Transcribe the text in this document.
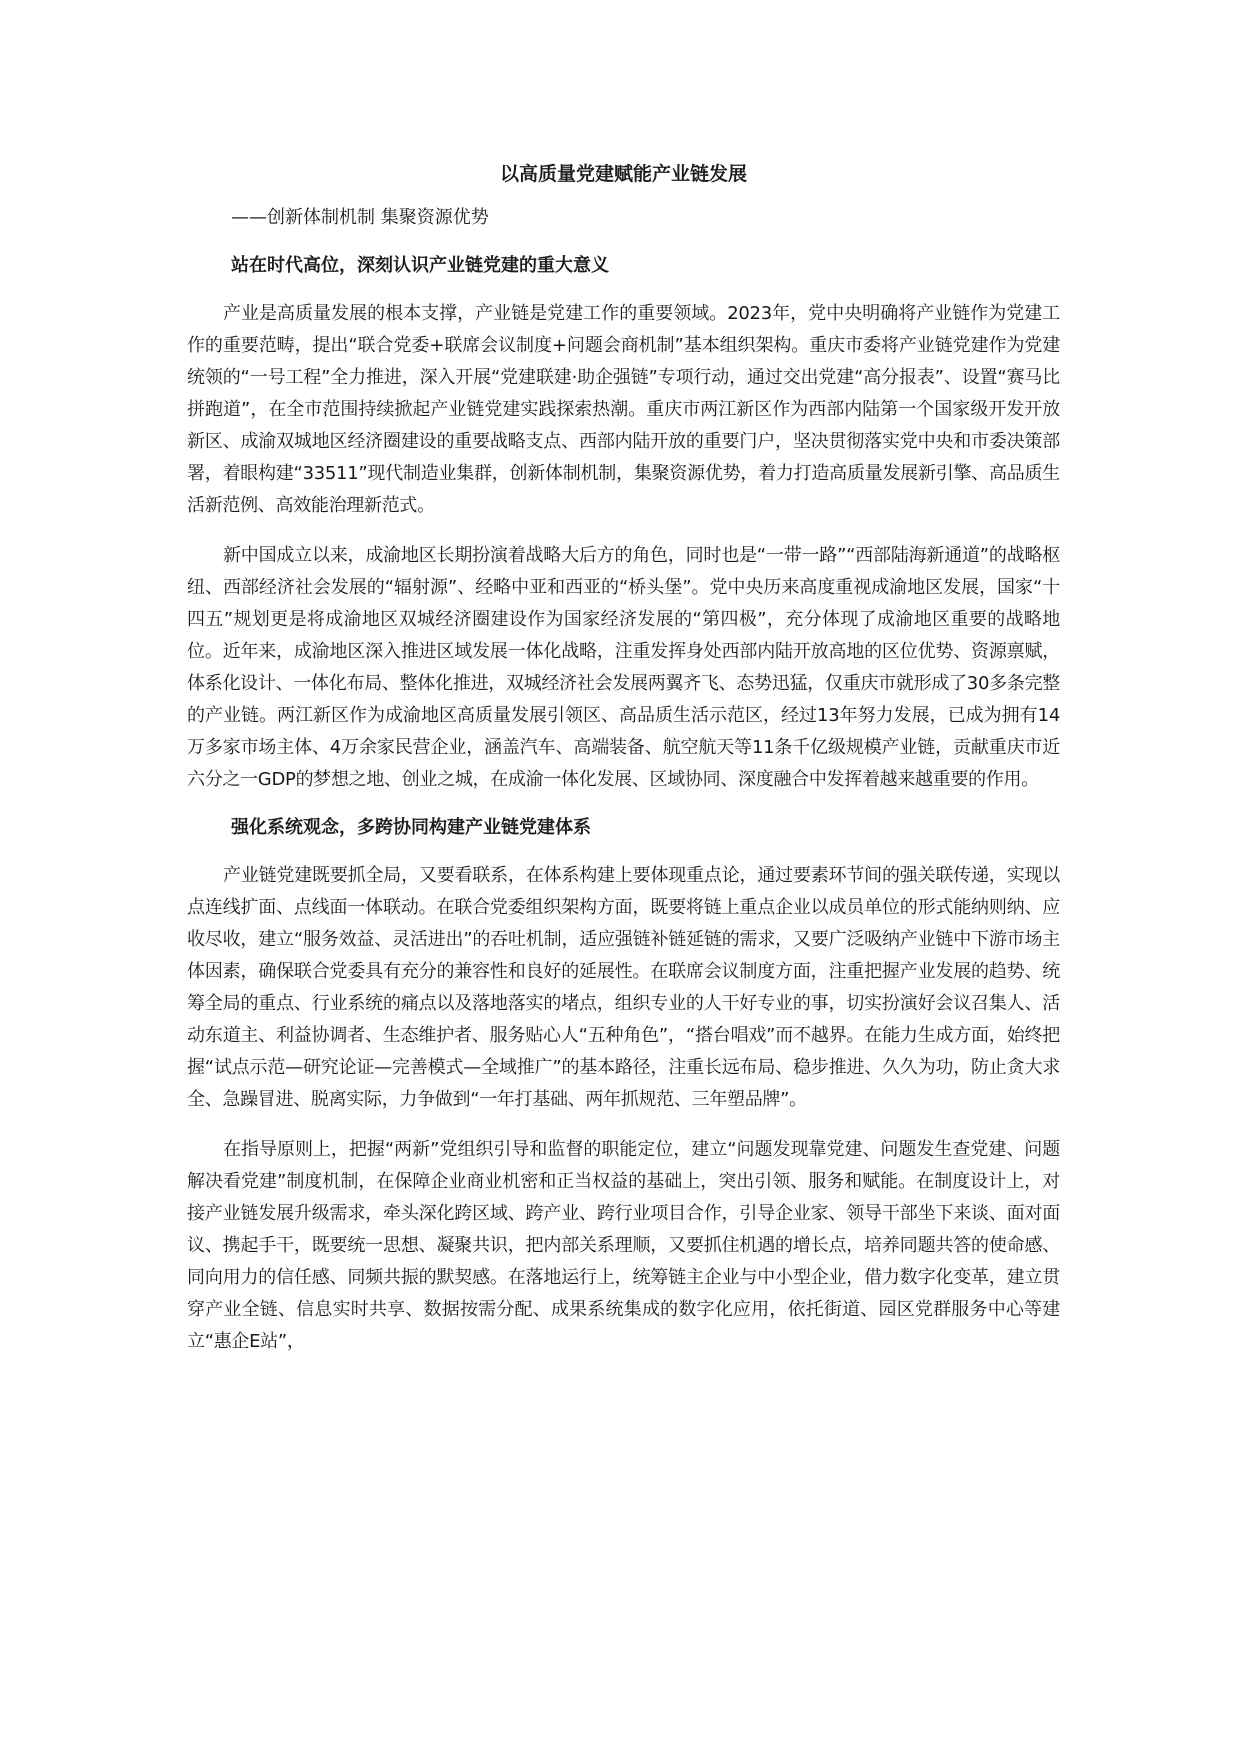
以高质量党建赋能产业链发展
——创新体制机制 集聚资源优势
站在时代高位，深刻认识产业链党建的重大意义

产业是高质量发展的根本支撑，产业链是党建工作的重要领域。2023年，党中央明确将产业链作为党建工作的重要范畴，提出“联合党委+联席会议制度+问题会商机制”基本组织架构。重庆市委将产业链党建作为党建统领的“一号工程”全力推进，深入开展“党建联建·助企强链”专项行动，通过交出党建“高分报表”、设置“赛马比拼跑道”，在全市范围持续掀起产业链党建实践探索热潮。重庆市两江新区作为西部内陆第一个国家级开发开放新区、成渝双城地区经济圈建设的重要战略支点、西部内陆开放的重要门户，坚决贯彻落实党中央和市委决策部署，着眼构建“33511”现代制造业集群，创新体制机制，集聚资源优势，着力打造高质量发展新引擎、高品质生活新范例、高效能治理新范式。

新中国成立以来，成渝地区长期扮演着战略大后方的角色，同时也是“一带一路”“西部陆海新通道”的战略枢纽、西部经济社会发展的“辐射源”、经略中亚和西亚的“桥头堡”。党中央历来高度重视成渝地区发展，国家“十四五”规划更是将成渝地区双城经济圈建设作为国家经济发展的“第四极”，充分体现了成渝地区重要的战略地位。近年来，成渝地区深入推进区域发展一体化战略，注重发挥身处西部内陆开放高地的区位优势、资源禀赋，体系化设计、一体化布局、整体化推进，双城经济社会发展两翼齐飞、态势迅猛，仅重庆市就形成了30多条完整的产业链。两江新区作为成渝地区高质量发展引领区、高品质生活示范区，经过13年努力发展，已成为拥有14万多家市场主体、4万余家民营企业，涵盖汽车、高端装备、航空航天等11条千亿级规模产业链，贡献重庆市近六分之一GDP的梦想之地、创业之城，在成渝一体化发展、区域协同、深度融合中发挥着越来越重要的作用。

强化系统观念，多跨协同构建产业链党建体系

产业链党建既要抓全局，又要看联系，在体系构建上要体现重点论，通过要素环节间的强关联传递，实现以点连线扩面、点线面一体联动。在联合党委组织架构方面，既要将链上重点企业以成员单位的形式能纳则纳、应收尽收，建立“服务效益、灵活进出”的吞吐机制，适应强链补链延链的需求，又要广泛吸纳产业链中下游市场主体因素，确保联合党委具有充分的兼容性和良好的延展性。在联席会议制度方面，注重把握产业发展的趋势、统筹全局的重点、行业系统的痛点以及落地落实的堵点，组织专业的人干好专业的事，切实扮演好会议召集人、活动东道主、利益协调者、生态维护者、服务贴心人“五种角色”，“搭台唱戏”而不越界。在能力生成方面，始终把握“试点示范—研究论证—完善模式—全域推广”的基本路径，注重长远布局、稳步推进、久久为功，防止贪大求全、急躁冒进、脱离实际，力争做到“一年打基础、两年抓规范、三年塑品牌”。

在指导原则上，把握“两新”党组织引导和监督的职能定位，建立“问题发现靠党建、问题发生查党建、问题解决看党建”制度机制，在保障企业商业机密和正当权益的基础上，突出引领、服务和赋能。在制度设计上，对接产业链发展升级需求，牵头深化跨区域、跨产业、跨行业项目合作，引导企业家、领导干部坐下来谈、面对面议、携起手干，既要统一思想、凝聚共识，把内部关系理顺，又要抓住机遇的增长点，培养同题共答的使命感、同向用力的信任感、同频共振的默契感。在落地运行上，统筹链主企业与中小型企业，借力数字化变革，建立贯穿产业全链、信息实时共享、数据按需分配、成果系统集成的数字化应用，依托街道、园区党群服务中心等建立“惠企E站”，
